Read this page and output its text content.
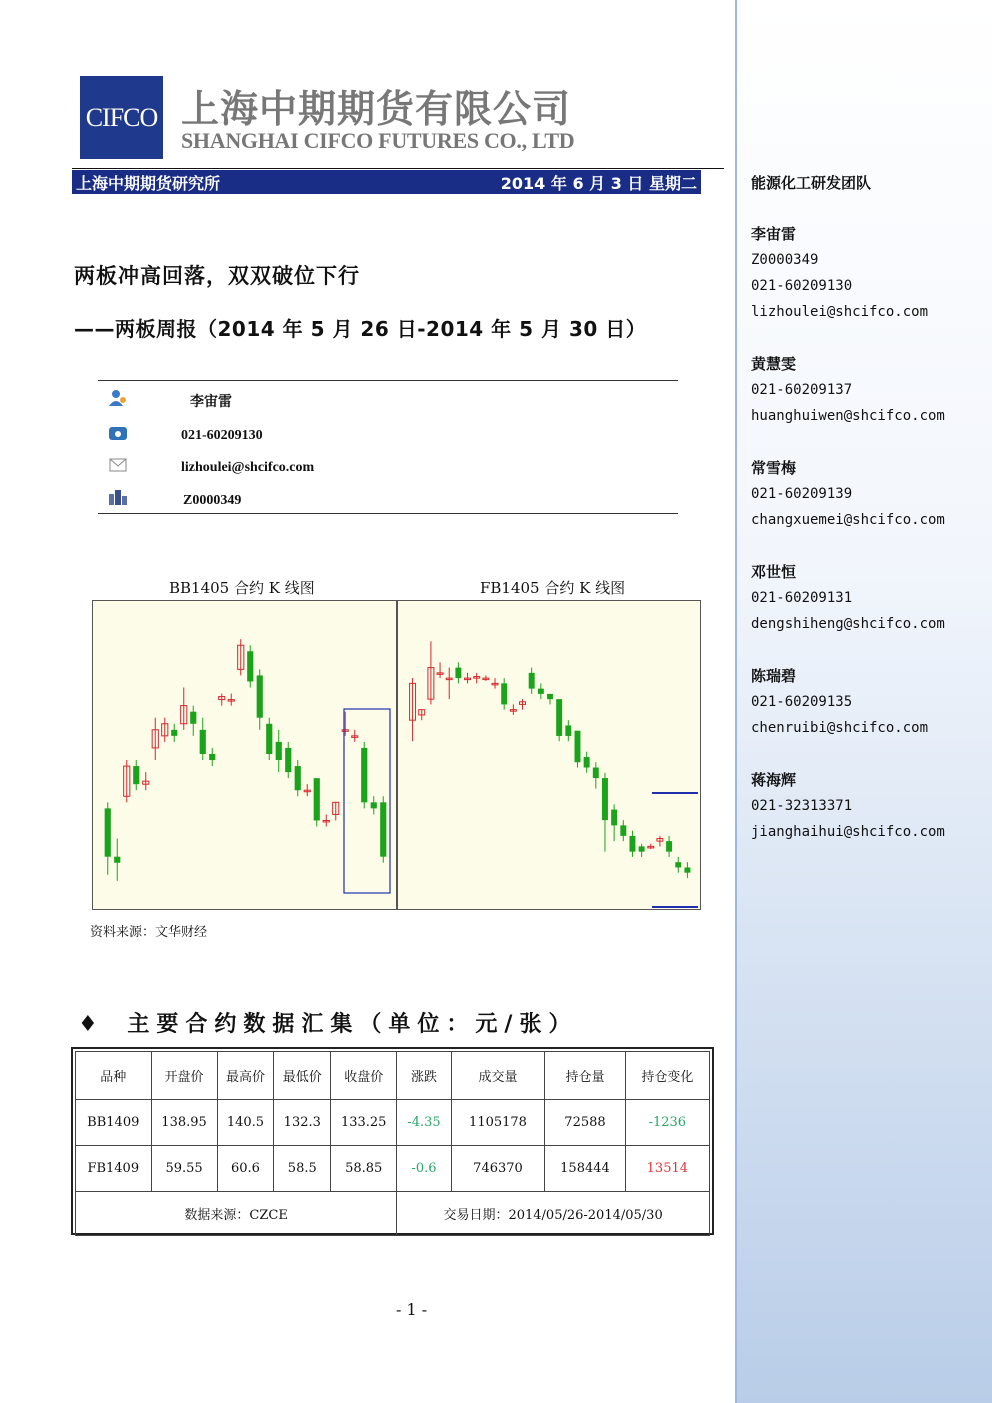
能源化工研发团队
李宙雷
Z0000349
021-60209130
lizhoulei@shcifco.com
黄慧雯
021-60209137
huanghuiwen@shcifco.com
常雪梅
021-60209139
changxuemei@shcifco.com
邓世恒
021-60209131
dengshiheng@shcifco.com
陈瑞碧
021-60209135
chenruibi@shcifco.com
蒋海辉
021-32313371
jianghaihui@shcifco.com
CIFCO 上海中期期货有限公司
SHANGHAI CIFCO FUTURES CO., LTD
上海中期期货研究所	2014 年 6 月 3 日 星期二
两板冲高回落，双双破位下行
——两板周报（2014 年 5 月 26 日-2014 年 5 月 30 日）
李宙雷
021-60209130
lizhoulei@shcifco.com
Z0000349
BB1405 合约 K 线图	FB1405 合约 K 线图
资料来源：文华财经
♦ 主要合约数据汇集（单位：元/张）
品种	开盘价	最高价	最低价	收盘价	涨跌	成交量	持仓量	持仓变化
BB1409	138.95	140.5	132.3	133.25	-4.35	1105178	72588	-1236
FB1409	59.55	60.6	58.5	58.85	-0.6	746370	158444	13514
数据来源：CZCE					交易日期：2014/05/26-2014/05/30			
- 1 -
